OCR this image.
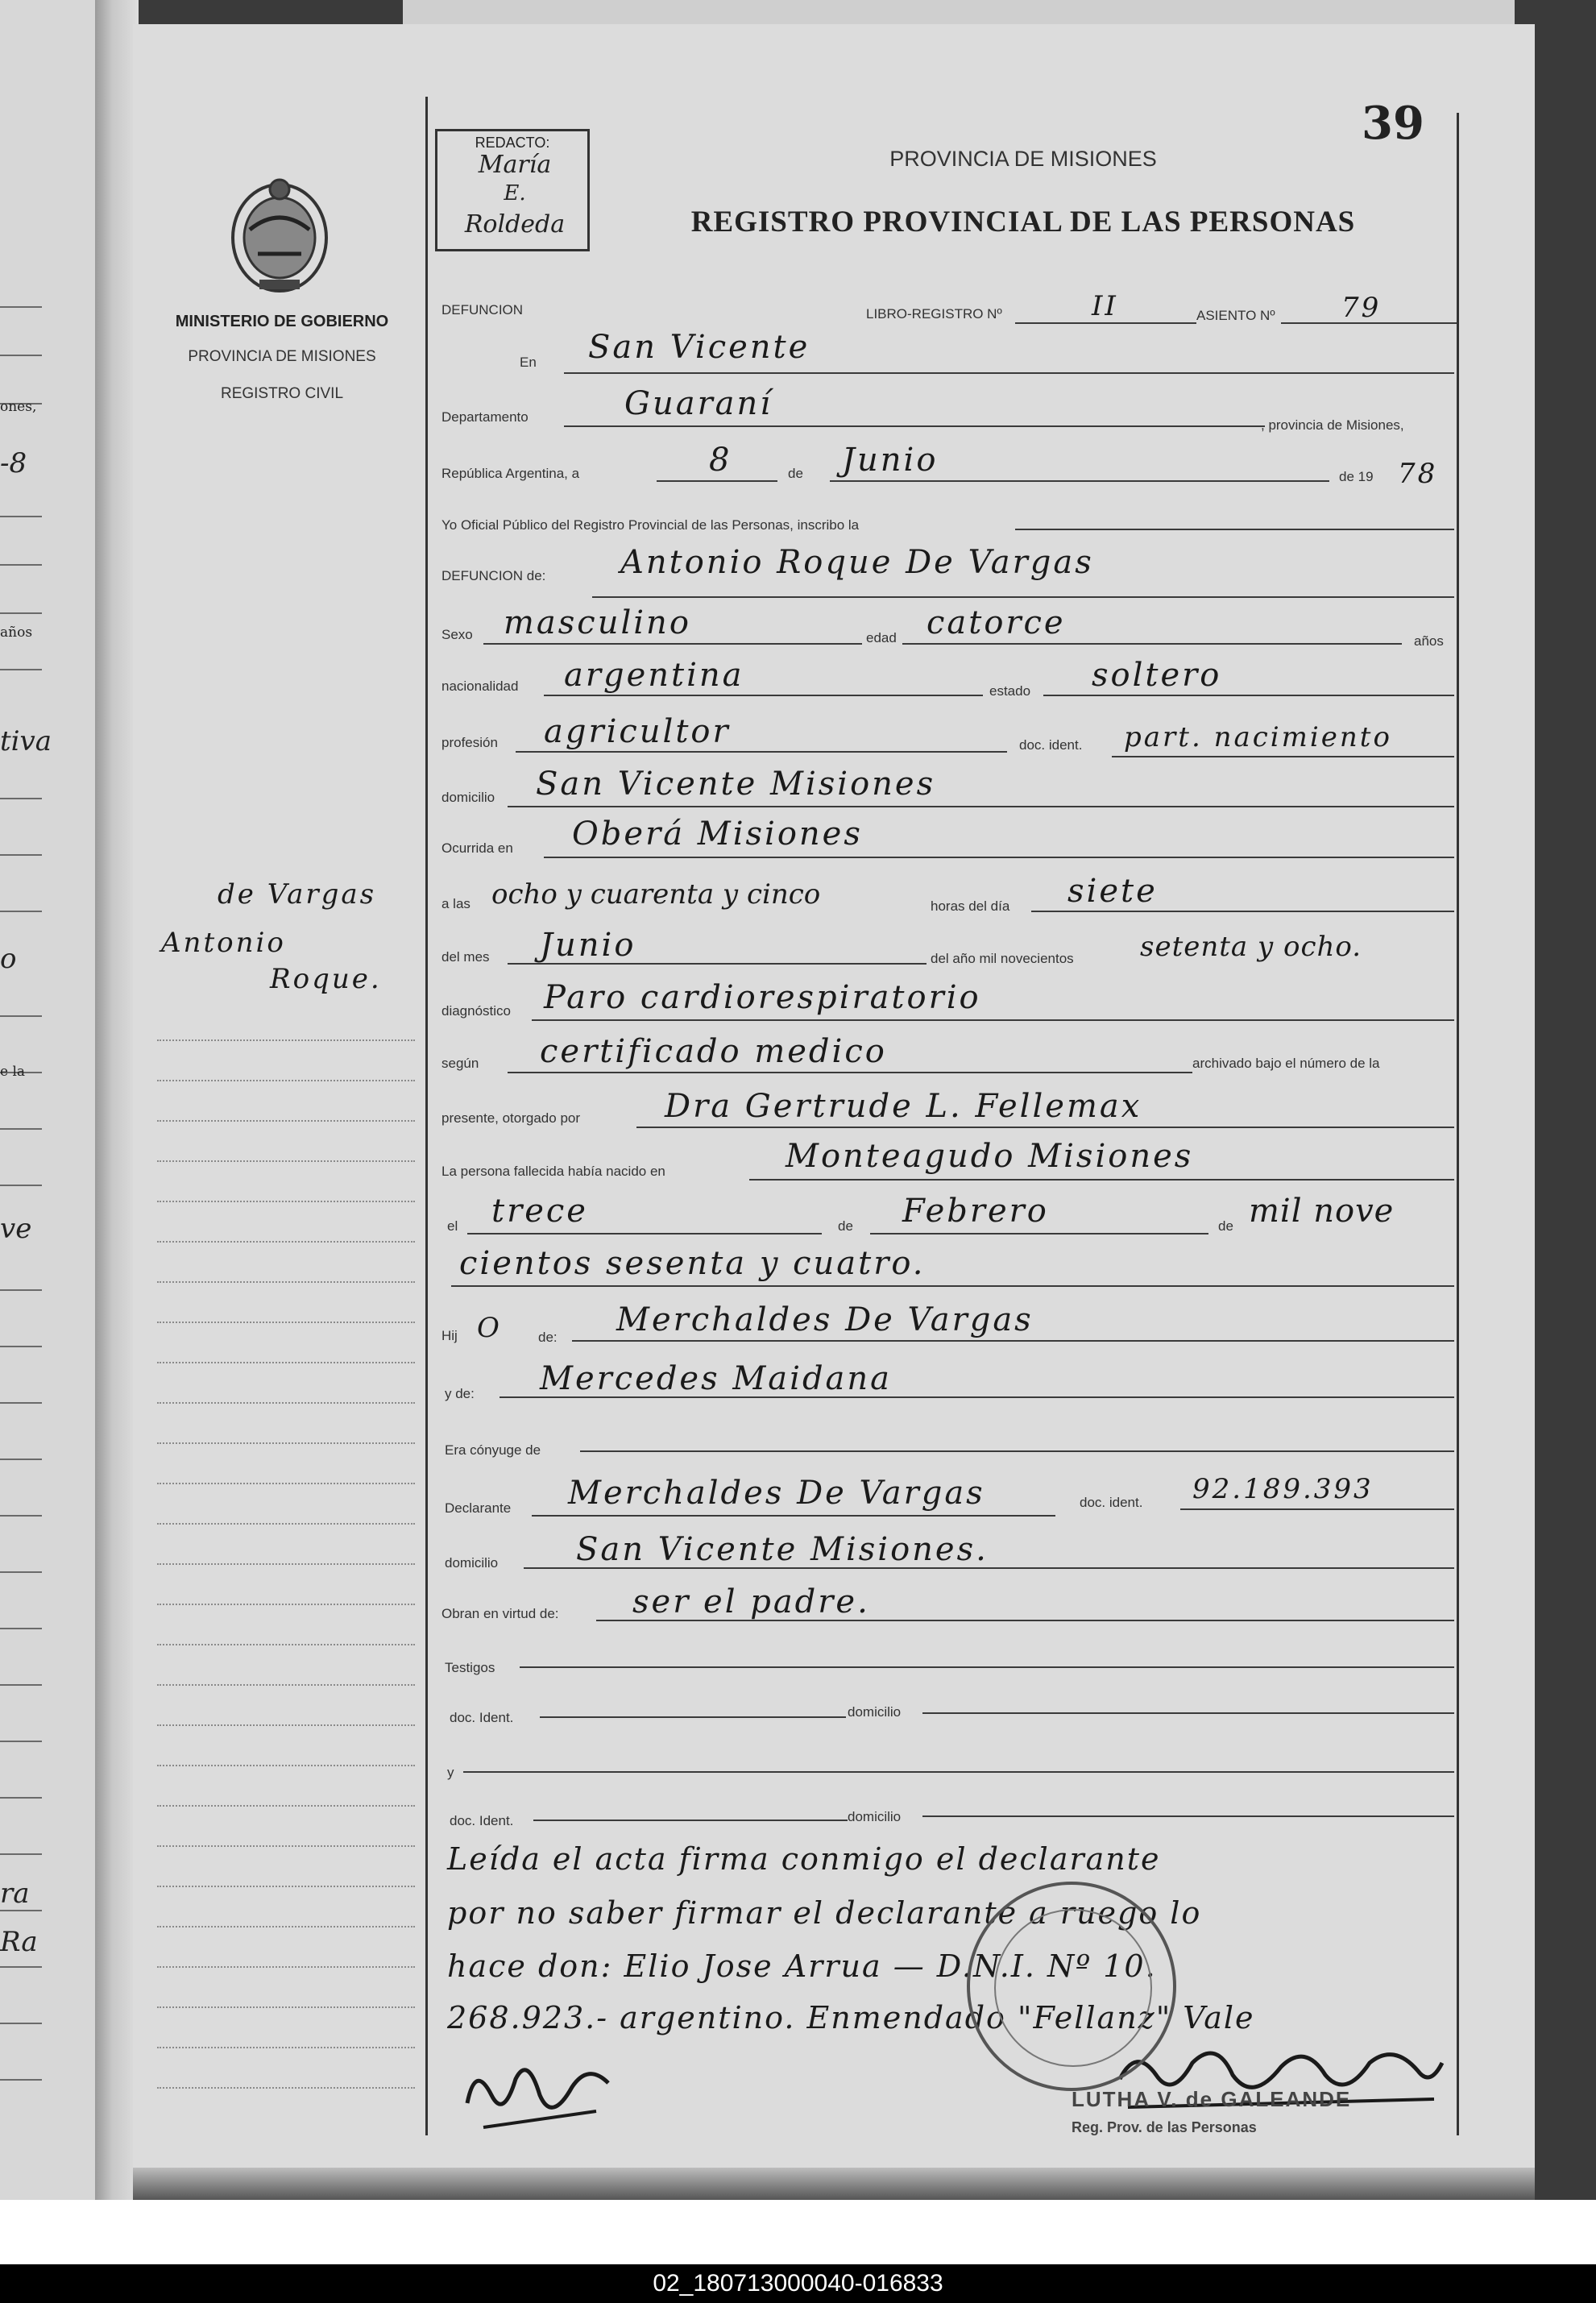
ones,
-8
años
tiva
o
e la
ve
ra
Ra
REDACTO:
María
E.
Roldeda
MINISTERIO DE GOBIERNO
PROVINCIA DE MISIONES
REGISTRO CIVIL
39
PROVINCIA DE MISIONES
REGISTRO PROVINCIAL DE LAS PERSONAS
de Vargas
Antonio
Roque.
DEFUNCION	LIBRO-REGISTRO Nº	II	ASIENTO Nº 79
En San Vicente
Departamento	Guaraní
, provincia de Misiones,
República Argentina, a	8	de Junio	de 19 78
Yo Oficial Público del Registro Provincial de las Personas, inscribo la
DEFUNCION de: Antonio Roque De Vargas
Sexo masculino	edad catorce	años
nacionalidad argentina	estado soltero
profesión agricultor	doc. ident. part. nacimiento
domicilio San Vicente Misiones
Ocurrida en Oberá Misiones
a las ocho y cuarenta y cinco	horas del día siete
del mes Junio	del año mil novecientos setenta y ocho.
diagnóstico Paro cardiorespiratorio
según certificado medico	archivado bajo el número de la
presente, otorgado por	Dra Gertrude L. Fellemax
La persona fallecida había nacido en	Monteagudo Misiones
el trece	de Febrero	de mil nove
cientos sesenta y cuatro.
Hij O	de: Merchaldes De Vargas
y de: Mercedes Maidana
Era cónyuge de
Declarante Merchaldes De Vargas	doc. ident. 92.189.393
domicilio San Vicente Misiones.
Obran en virtud de: ser el padre.
Testigos
doc. Ident.	domicilio
y
doc. Ident.	domicilio
Leída el acta firma conmigo el declarante
por no saber firmar el declarante a ruego lo
hace don: Elio Jose Arrua — D.N.I. Nº 10.
268.923.- argentino. Enmendado "Fellanz" Vale
LUTHA V. de GALEANDE
Reg. Prov. de las Personas
02_180713000040-016833
